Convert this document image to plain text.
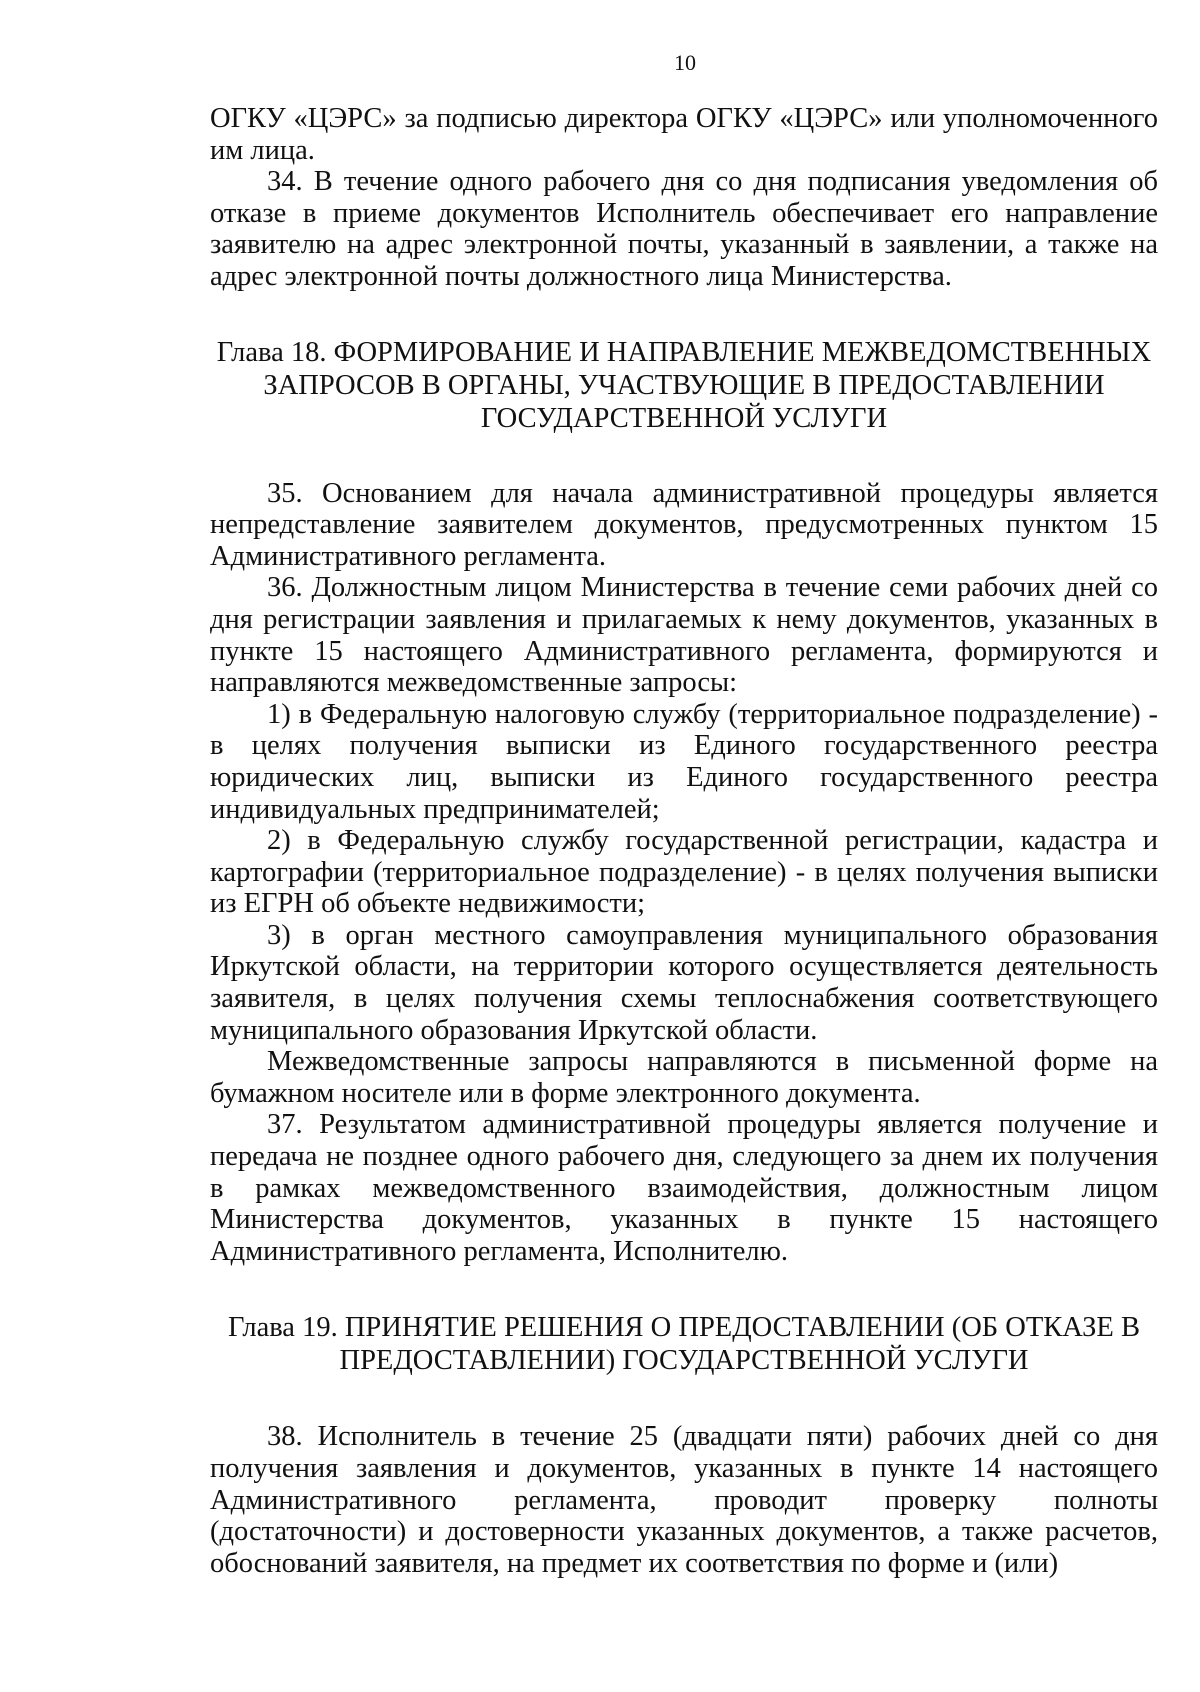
10

ОГКУ «ЦЭРС» за подписью директора ОГКУ «ЦЭРС» или уполномоченного им лица.

34. В течение одного рабочего дня со дня подписания уведомления об отказе в приеме документов Исполнитель обеспечивает его направление заявителю на адрес электронной почты, указанный в заявлении, а также на адрес электронной почты должностного лица Министерства.

Глава 18. ФОРМИРОВАНИЕ И НАПРАВЛЕНИЕ МЕЖВЕДОМСТВЕННЫХ
ЗАПРОСОВ В ОРГАНЫ, УЧАСТВУЮЩИЕ В ПРЕДОСТАВЛЕНИИ
ГОСУДАРСТВЕННОЙ УСЛУГИ

35. Основанием для начала административной процедуры является непредставление заявителем документов, предусмотренных пунктом 15 Административного регламента.

36. Должностным лицом Министерства в течение семи рабочих дней со дня регистрации заявления и прилагаемых к нему документов, указанных в пункте 15 настоящего Административного регламента, формируются и направляются межведомственные запросы:

1) в Федеральную налоговую службу (территориальное подразделение) - в целях получения выписки из Единого государственного реестра юридических лиц, выписки из Единого государственного реестра индивидуальных предпринимателей;

2) в Федеральную службу государственной регистрации, кадастра и картографии (территориальное подразделение) - в целях получения выписки из ЕГРН об объекте недвижимости;

3) в орган местного самоуправления муниципального образования Иркутской области, на территории которого осуществляется деятельность заявителя, в целях получения схемы теплоснабжения соответствующего муниципального образования Иркутской области.

Межведомственные запросы направляются в письменной форме на бумажном носителе или в форме электронного документа.

37. Результатом административной процедуры является получение и передача не позднее одного рабочего дня, следующего за днем их получения в рамках межведомственного взаимодействия, должностным лицом Министерства документов, указанных в пункте 15 настоящего Административного регламента, Исполнителю.

Глава 19. ПРИНЯТИЕ РЕШЕНИЯ О ПРЕДОСТАВЛЕНИИ (ОБ ОТКАЗЕ В
ПРЕДОСТАВЛЕНИИ) ГОСУДАРСТВЕННОЙ УСЛУГИ

38. Исполнитель в течение 25 (двадцати пяти) рабочих дней со дня получения заявления и документов, указанных в пункте 14 настоящего Административного регламента, проводит проверку полноты (достаточности) и достоверности указанных документов, а также расчетов, обоснований заявителя, на предмет их соответствия по форме и (или)
